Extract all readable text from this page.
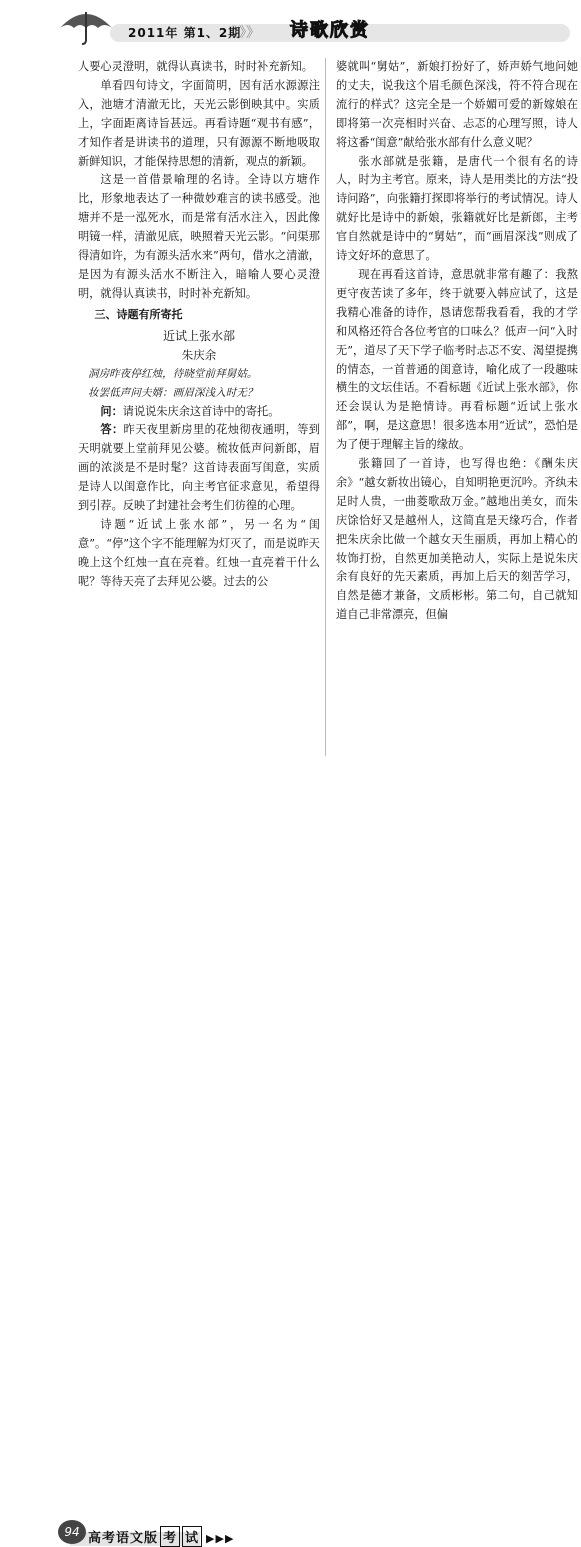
2011年 第1、2期
》》》 诗歌欣赏

人要心灵澄明，就得认真读书，时时补充新知。

单看四句诗文，字面简明，因有活水源源注入，池塘才清澈无比，天光云影倒映其中。实质上，字面距离诗旨甚远。再看诗题“观书有感”，才知作者是讲读书的道理，只有源源不断地吸取新鲜知识，才能保持思想的清新，观点的新颖。

这是一首借景喻理的名诗。全诗以方塘作比，形象地表达了一种微妙难言的读书感受。池塘并不是一泓死水，而是常有活水注入，因此像明镜一样，清澈见底，映照着天光云影。“问渠那得清如许，为有源头活水来”两句，借水之清澈，是因为有源头活水不断注入，暗喻人要心灵澄明，就得认真读书，时时补充新知。

三、诗题有所寄托
近试上张水部
朱庆余
洞房昨夜停红烛，待晓堂前拜舅姑。
妆罢低声问夫婿：画眉深浅入时无？

问：请说说朱庆余这首诗中的寄托。

答：昨天夜里新房里的花烛彻夜通明，等到天明就要上堂前拜见公婆。梳妆低声问新郎，眉画的浓淡是不是时髦？这首诗表面写闺意，实质是诗人以闺意作比，向主考官征求意见，希望得到引荐。反映了封建社会考生们彷徨的心理。

诗题“近试上张水部”，另一名为“闺意”。“停”这个字不能理解为灯灭了，而是说昨天晚上这个红烛一直在亮着。红烛一直亮着干什么呢？等待天亮了去拜见公婆。过去的公

婆就叫“舅姑”，新娘打扮好了，娇声娇气地问她的丈夫，说我这个眉毛颜色深浅，符不符合现在流行的样式？这完全是一个娇媚可爱的新嫁娘在即将第一次亮相时兴奋、忐忑的心理写照，诗人将这番“闺意”献给张水部有什么意义呢？

张水部就是张籍，是唐代一个很有名的诗人，时为主考官。原来，诗人是用类比的方法“投诗问路”，向张籍打探即将举行的考试情况。诗人就好比是诗中的新娘，张籍就好比是新郎，主考官自然就是诗中的“舅姑”，而“画眉深浅”则成了诗文好坏的意思了。

现在再看这首诗，意思就非常有趣了：我熬更守夜苦读了多年，终于就要入韩应试了，这是我精心准备的诗作，恳请您帮我看看，我的才学和风格还符合各位考官的口味么？低声一问“入时无”，道尽了天下学子临考时忐忑不安、渴望提携的情态，一首普通的闺意诗，喻化成了一段趣味横生的文坛佳话。不看标题《近试上张水部》，你还会误认为是艳情诗。再看标题“近试上张水部”，啊，是这意思！很多选本用“近试”，恐怕是为了便于理解主旨的缘故。

张籍回了一首诗，也写得也绝：《酬朱庆余》“越女新妆出镜心，自知明艳更沉吟。齐纨未足时人贵，一曲菱歌敌万金。”越地出美女，而朱庆馀恰好又是越州人，这简直是天缘巧合，作者把朱庆余比做一个越女天生丽质，再加上精心的妆饰打扮，自然更加美艳动人，实际上是说朱庆余有良好的先天素质，再加上后天的刻苦学习，自然是德才兼备，文质彬彬。第二句，自己就知道自己非常漂亮，但偏

94 高考语文版 考 试 ▶▶▶
